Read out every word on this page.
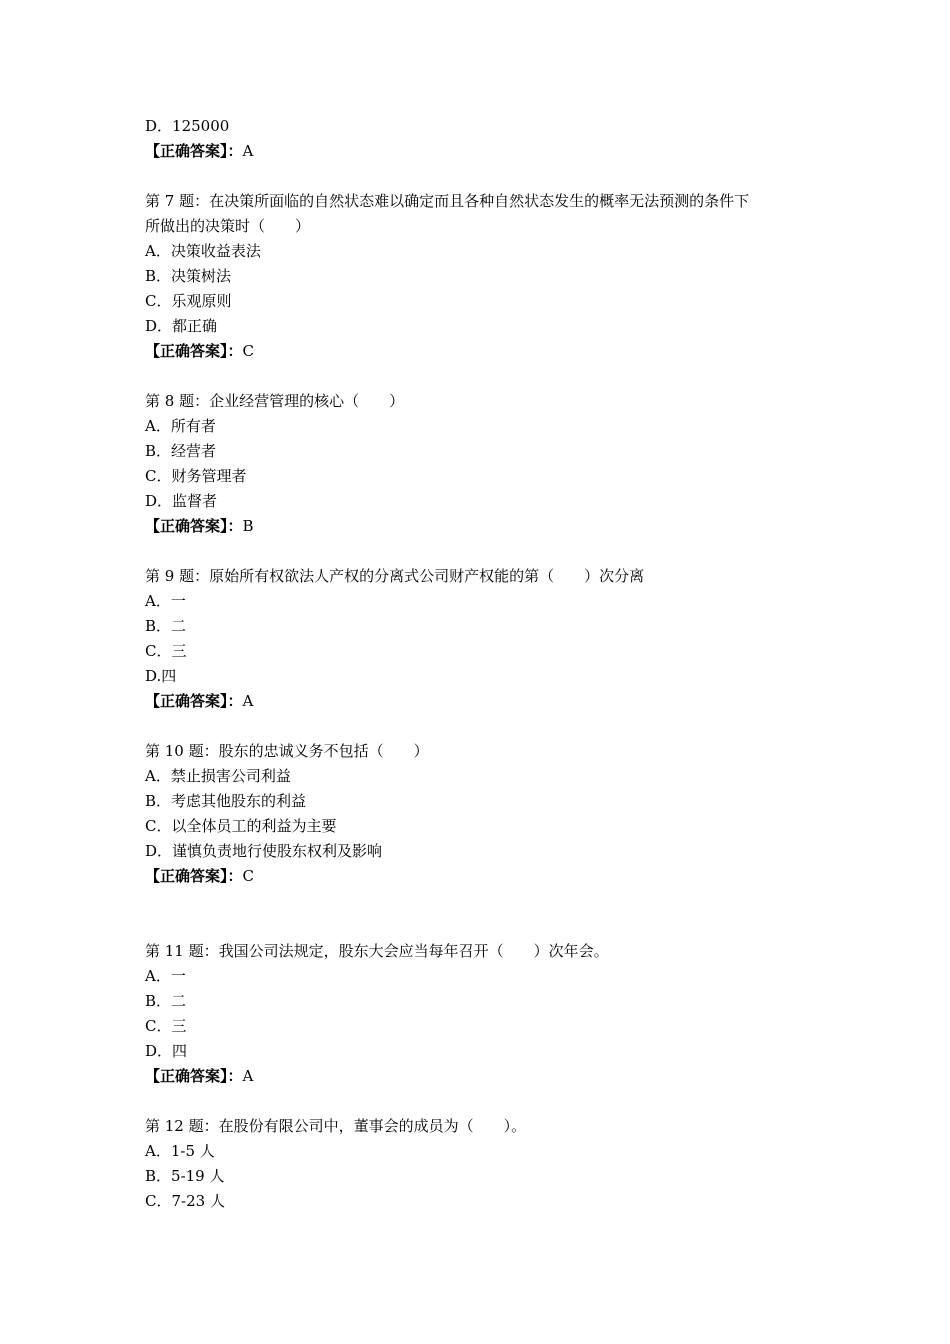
D．125000
【正确答案】：A
第 7 题：在决策所面临的自然状态难以确定而且各种自然状态发生的概率无法预测的条件下
所做出的决策时（　　）
A．决策收益表法
B．决策树法
C．乐观原则
D．都正确
【正确答案】：C
第 8 题：企业经营管理的核心（　　）
A．所有者
B．经营者
C．财务管理者
D．监督者
【正确答案】：B
第 9 题：原始所有权欲法人产权的分离式公司财产权能的第（　　）次分离
A．一
B．二
C．三
D.四
【正确答案】：A
第 10 题：股东的忠诚义务不包括（　　）
A．禁止损害公司利益
B．考虑其他股东的利益
C．以全体员工的利益为主要
D．谨慎负责地行使股东权利及影响
【正确答案】：C
第 11 题：我国公司法规定，股东大会应当每年召开（　　）次年会。
A．一
B．二
C．三
D．四
【正确答案】：A
第 12 题：在股份有限公司中，董事会的成员为（　　）。
A．1-5 人
B．5-19 人
C．7-23 人
